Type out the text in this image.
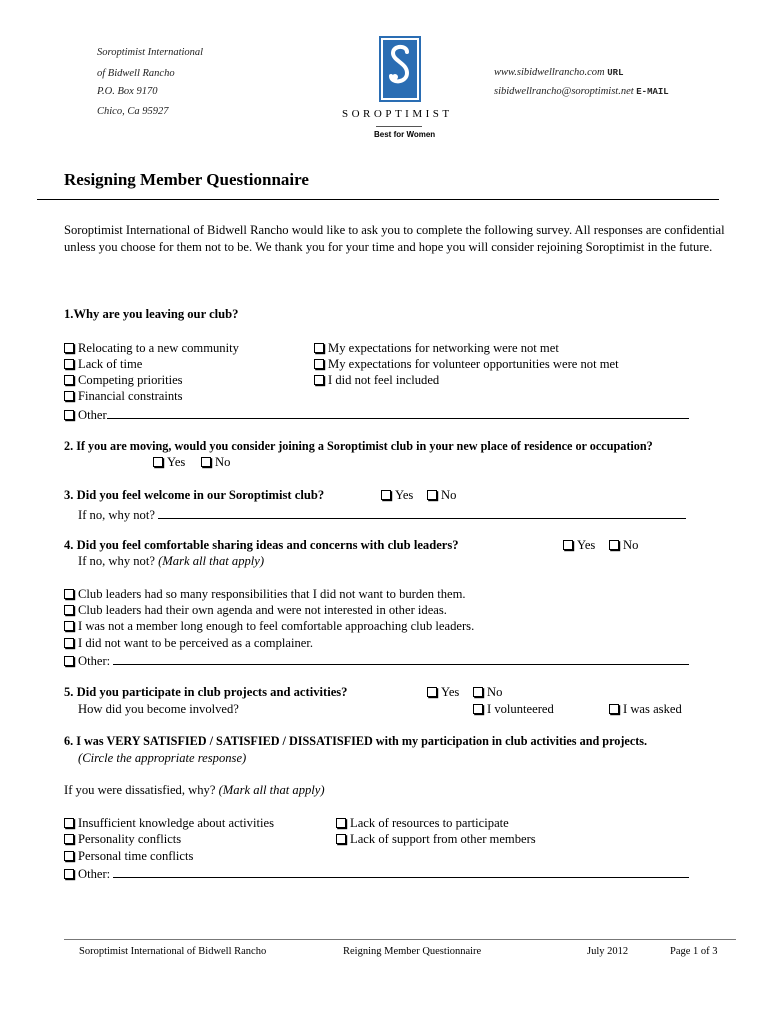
Soroptimist International
of Bidwell Rancho
P.O. Box 9170
Chico, Ca 95927	SOROPTIMIST
Best for Women
www.sibidwellrancho.com URL
sibidwellrancho@soroptimist.net E-MAIL
Resigning Member Questionnaire
Soroptimist International of Bidwell Rancho would like to ask you to complete the following survey. All responses are confidential unless you choose for them not to be. We thank you for your time and hope you will consider rejoining Soroptimist in the future.
1.Why are you leaving our club?
Relocating to a new community
Lack of time
Competing priorities
Financial constraints
Other
My expectations for networking were not met
My expectations for volunteer opportunities were not met
I did not feel included
2. If you are moving, would you consider joining a Soroptimist club in your new place of residence or occupation?
Yes	No
3. Did you feel welcome in our Soroptimist club?	Yes	No
If no, why not?
4. Did you feel comfortable sharing ideas and concerns with club leaders?	Yes	No
If no, why not? (Mark all that apply)
Club leaders had so many responsibilities that I did not want to burden them.
Club leaders had their own agenda and were not interested in other ideas.
I was not a member long enough to feel comfortable approaching club leaders.
I did not want to be perceived as a complainer.
Other:
5. Did you participate in club projects and activities?	Yes	No
How did you become involved?	I volunteered	I was asked
6. I was VERY SATISFIED / SATISFIED / DISSATISFIED with my participation in club activities and projects.
(Circle the appropriate response)
If you were dissatisfied, why? (Mark all that apply)
Insufficient knowledge about activities
Personality conflicts
Personal time conflicts
Lack of resources to participate
Lack of support from other members
Other:
Soroptimist International of Bidwell Rancho	Reigning Member Questionnaire	July 2012	Page 1 of 3
